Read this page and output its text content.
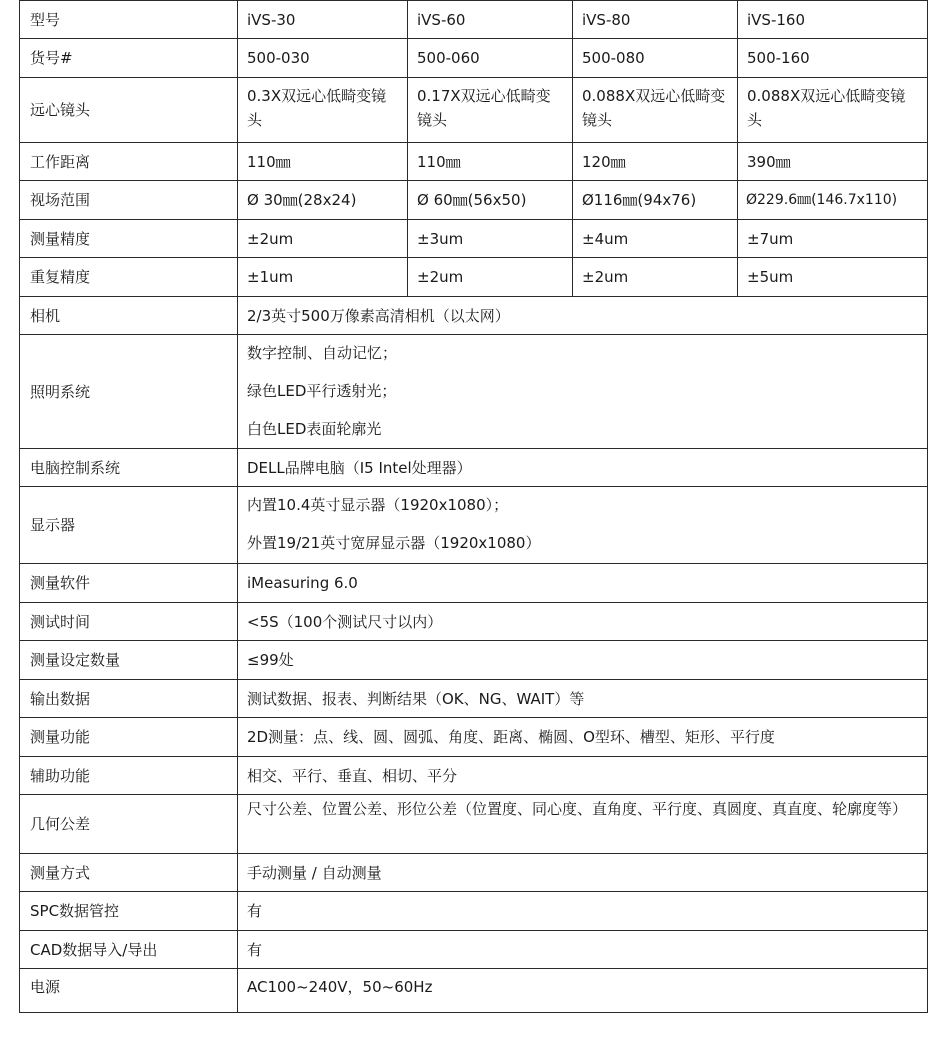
型号	iVS-30	iVS-60	iVS-80	iVS-160
货号#	500-030	500-060	500-080	500-160
远心镜头	0.3X双远心低畸变镜头	0.17X双远心低畸变镜头	0.088X双远心低畸变镜头	0.088X双远心低畸变镜头
工作距离	110㎜	110㎜	120㎜	390㎜
视场范围	Ø 30㎜(28x24)	Ø 60㎜(56x50)	Ø116㎜(94x76)	Ø229.6㎜(146.7x110)
测量精度	±2um	±3um	±4um	±7um
重复精度	±1um	±2um	±2um	±5um
相机	2/3英寸500万像素高清相机（以太网）			
照明系统	数字控制、自动记忆；
绿色LED平行透射光；
白色LED表面轮廓光			

电脑控制系统	DELL品牌电脑（I5 Intel处理器）			
显示器	内置10.4英寸显示器（1920x1080）；
外置19/21英寸宽屏显示器（1920x1080）			

测量软件	iMeasuring 6.0			
测试时间	<5S（100个测试尺寸以内）			
测量设定数量	≤99处			
输出数据	测试数据、报表、判断结果（OK、NG、WAIT）等			
测量功能	2D测量：点、线、圆、圆弧、角度、距离、椭圆、O型环、槽型、矩形、平行度			
辅助功能	相交、平行、垂直、相切、平分			
几何公差	尺寸公差、位置公差、形位公差（位置度、同心度、直角度、平行度、真圆度、真直度、轮廓度等）			
测量方式	手动测量 / 自动测量			
SPC数据管控	有			
CAD数据导入/导出	有			
电源	AC100~240V，50~60Hz			
